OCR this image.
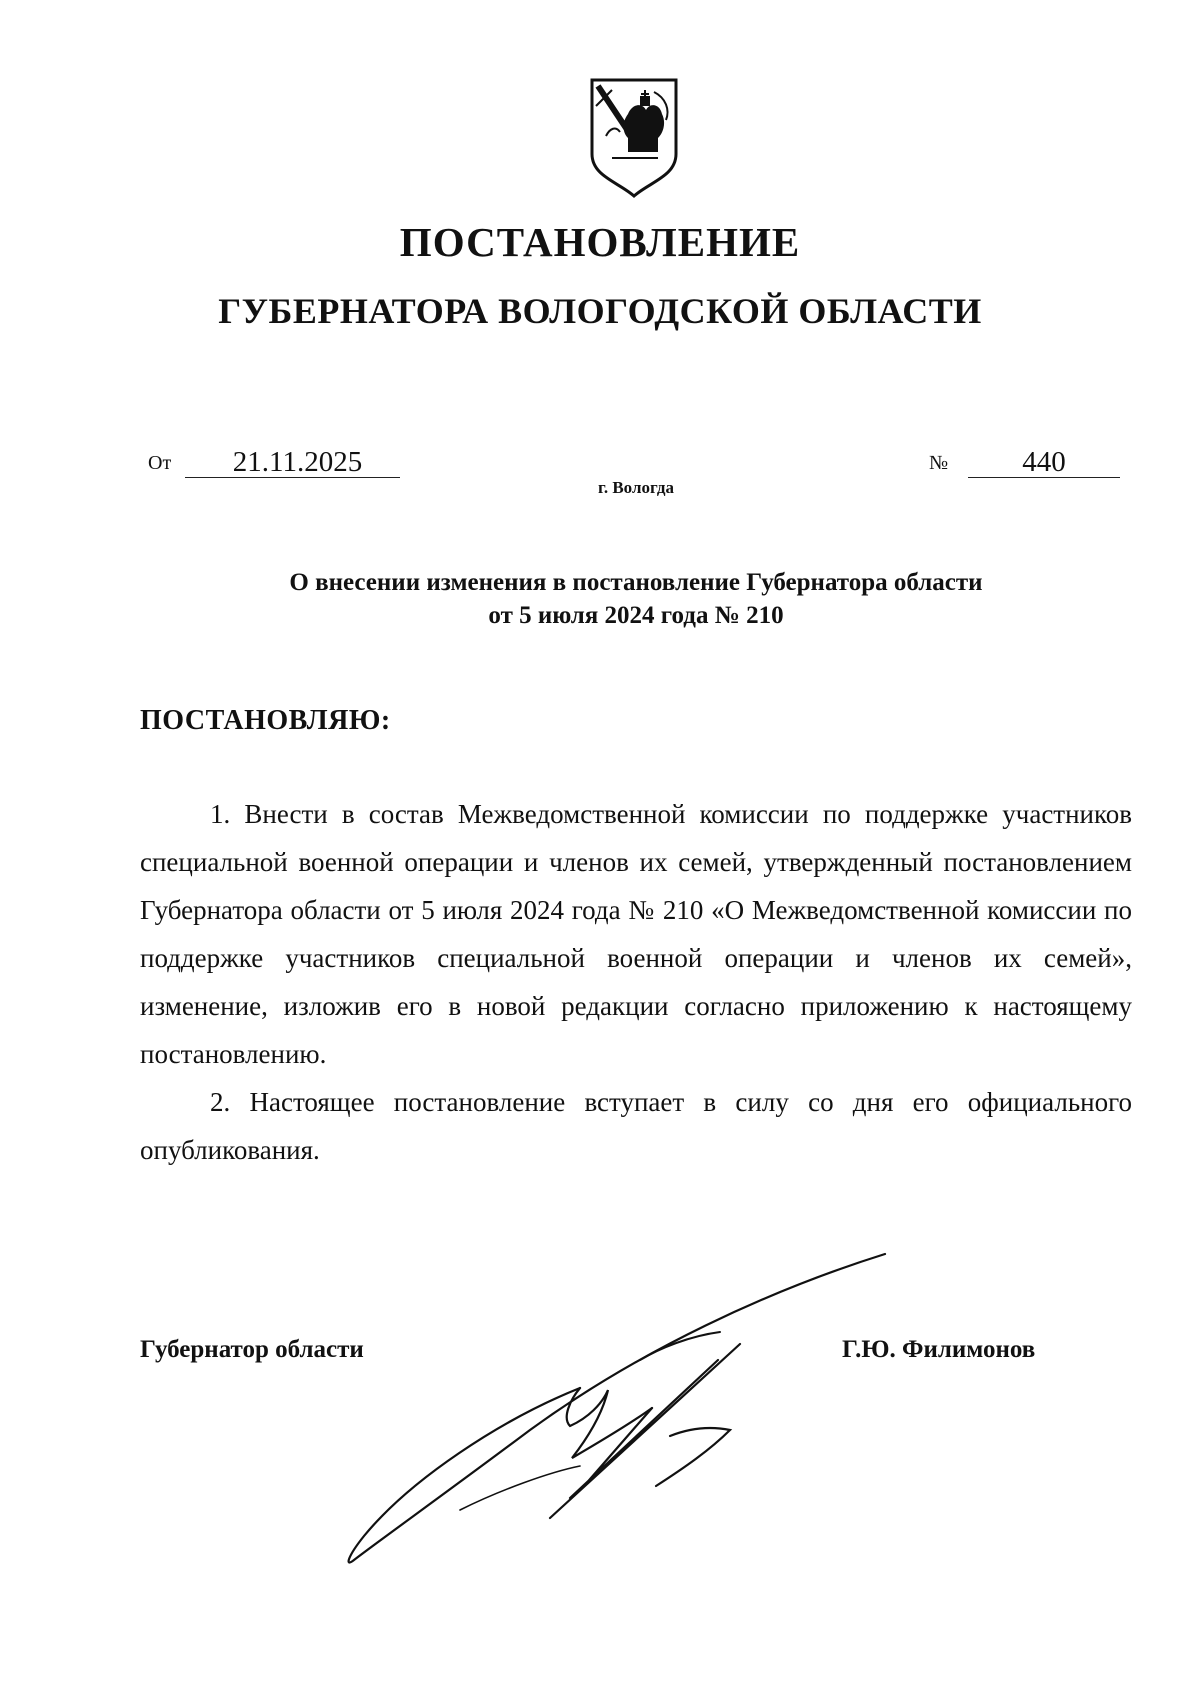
ПОСТАНОВЛЕНИЕ
ГУБЕРНАТОРА ВОЛОГОДСКОЙ ОБЛАСТИ
От	21.11.2025	№	440
г. Вологда
О внесении изменения в постановление Губернатора области
от 5 июля 2024 года № 210
ПОСТАНОВЛЯЮ:

1. Внести в состав Межведомственной комиссии по поддержке участников специальной военной операции и членов их семей, утвержденный постановлением Губернатора области от 5 июля 2024 года № 210 «О Межведомственной комиссии по поддержке участников специальной военной операции и членов их семей», изменение, изложив его в новой редакции согласно приложению к настоящему постановлению.

2. Настоящее постановление вступает в силу со дня его официального опубликования.

Губернатор области	Г.Ю. Филимонов
